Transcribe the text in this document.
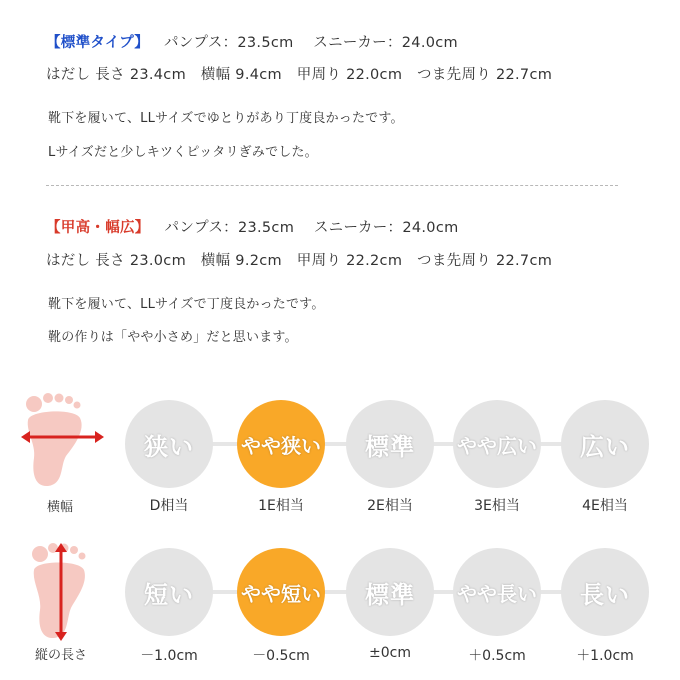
【標準タイプ】 パンプス：23.5cm　 スニーカー：24.0cm
はだし 長さ 23.4cm　横幅 9.4cm　甲周り 22.0cm　つま先周り 22.7cm
靴下を履いて、LLサイズでゆとりがあり丁度良かったです。
Lサイズだと少しキツくピッタリぎみでした。
【甲高・幅広】 パンプス：23.5cm　 スニーカー：24.0cm
はだし 長さ 23.0cm　横幅 9.2cm　甲周り 22.2cm　つま先周り 22.7cm
靴下を履いて、LLサイズで丁度良かったです。
靴の作りは「やや小さめ」だと思います。
横幅
狭い やや狭い 標準 やや広い 広い
D相当	1E相当	2E相当	3E相当	4E相当
縦の長さ
短い やや短い 標準 やや長い 長い
－1.0cm	－0.5cm	±0cm	＋0.5cm	＋1.0cm
